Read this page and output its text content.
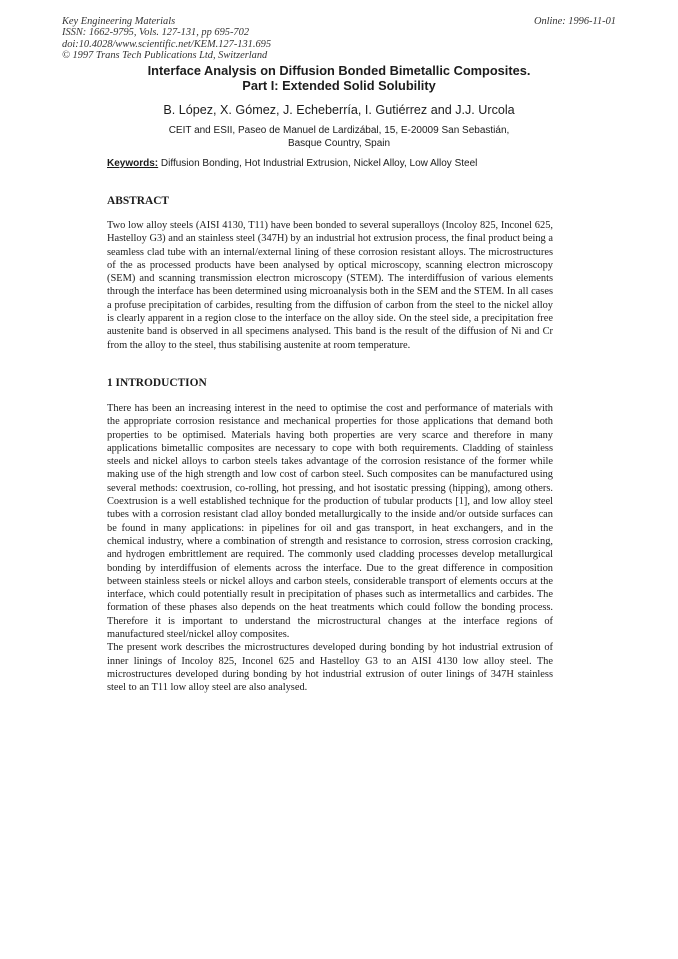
Key Engineering Materials
ISSN: 1662-9795, Vols. 127-131, pp 695-702
doi:10.4028/www.scientific.net/KEM.127-131.695
© 1997 Trans Tech Publications Ltd, Switzerland
Online: 1996-11-01
Interface Analysis on Diffusion Bonded Bimetallic Composites.
Part I: Extended Solid Solubility
B. López, X. Gómez, J. Echeberría, I. Gutiérrez and J.J. Urcola
CEIT and ESII, Paseo de Manuel de Lardizábal, 15, E-20009 San Sebastián,
Basque Country, Spain
Keywords: Diffusion Bonding, Hot Industrial Extrusion, Nickel Alloy, Low Alloy Steel
ABSTRACT

Two low alloy steels (AISI 4130, T11) have been bonded to several superalloys (Incoloy 825, Inconel 625, Hastelloy G3) and an stainless steel (347H) by an industrial hot extrusion process, the final product being a seamless clad tube with an internal/external lining of these corrosion resistant alloys. The microstructures of the as processed products have been analysed by optical microscopy, scanning electron microscopy (SEM) and scanning transmission electron microscopy (STEM). The interdiffusion of various elements through the interface has been determined using microanalysis both in the SEM and the STEM. In all cases a profuse precipitation of carbides, resulting from the diffusion of carbon from the steel to the nickel alloy is clearly apparent in a region close to the interface on the alloy side. On the steel side, a precipitation free austenite band is observed in all specimens analysed. This band is the result of the diffusion of Ni and Cr from the alloy to the steel, thus stabilising austenite at room temperature.

1 INTRODUCTION

There has been an increasing interest in the need to optimise the cost and performance of materials with the appropriate corrosion resistance and mechanical properties for those applications that demand both properties to be optimised. Materials having both properties are very scarce and therefore in many applications bimetallic composites are necessary to cope with both requirements. Cladding of stainless steels and nickel alloys to carbon steels takes advantage of the corrosion resistance of the former while making use of the high strength and low cost of carbon steel. Such composites can be manufactured using several methods: coextrusion, co-rolling, hot pressing, and hot isostatic pressing (hipping), among others. Coextrusion is a well established technique for the production of tubular products [1], and low alloy steel tubes with a corrosion resistant clad alloy bonded metallurgically to the inside and/or outside surfaces can be found in many applications: in pipelines for oil and gas transport, in heat exchangers, and in the chemical industry, where a combination of strength and resistance to corrosion, stress corrosion cracking, and hydrogen embrittlement are required. The commonly used cladding processes develop metallurgical bonding by interdiffusion of elements across the interface. Due to the great difference in composition between stainless steels or nickel alloys and carbon steels, considerable transport of elements occurs at the interface, which could potentially result in precipitation of phases such as intermetallics and carbides. The formation of these phases also depends on the heat treatments which could follow the bonding process. Therefore it is important to understand the microstructural changes at the interface regions of manufactured steel/nickel alloy composites.

The present work describes the microstructures developed during bonding by hot industrial extrusion of inner linings of Incoloy 825, Inconel 625 and Hastelloy G3 to an AISI 4130 low alloy steel. The microstructures developed during bonding by hot industrial extrusion of outer linings of 347H stainless steel to an T11 low alloy steel are also analysed.
